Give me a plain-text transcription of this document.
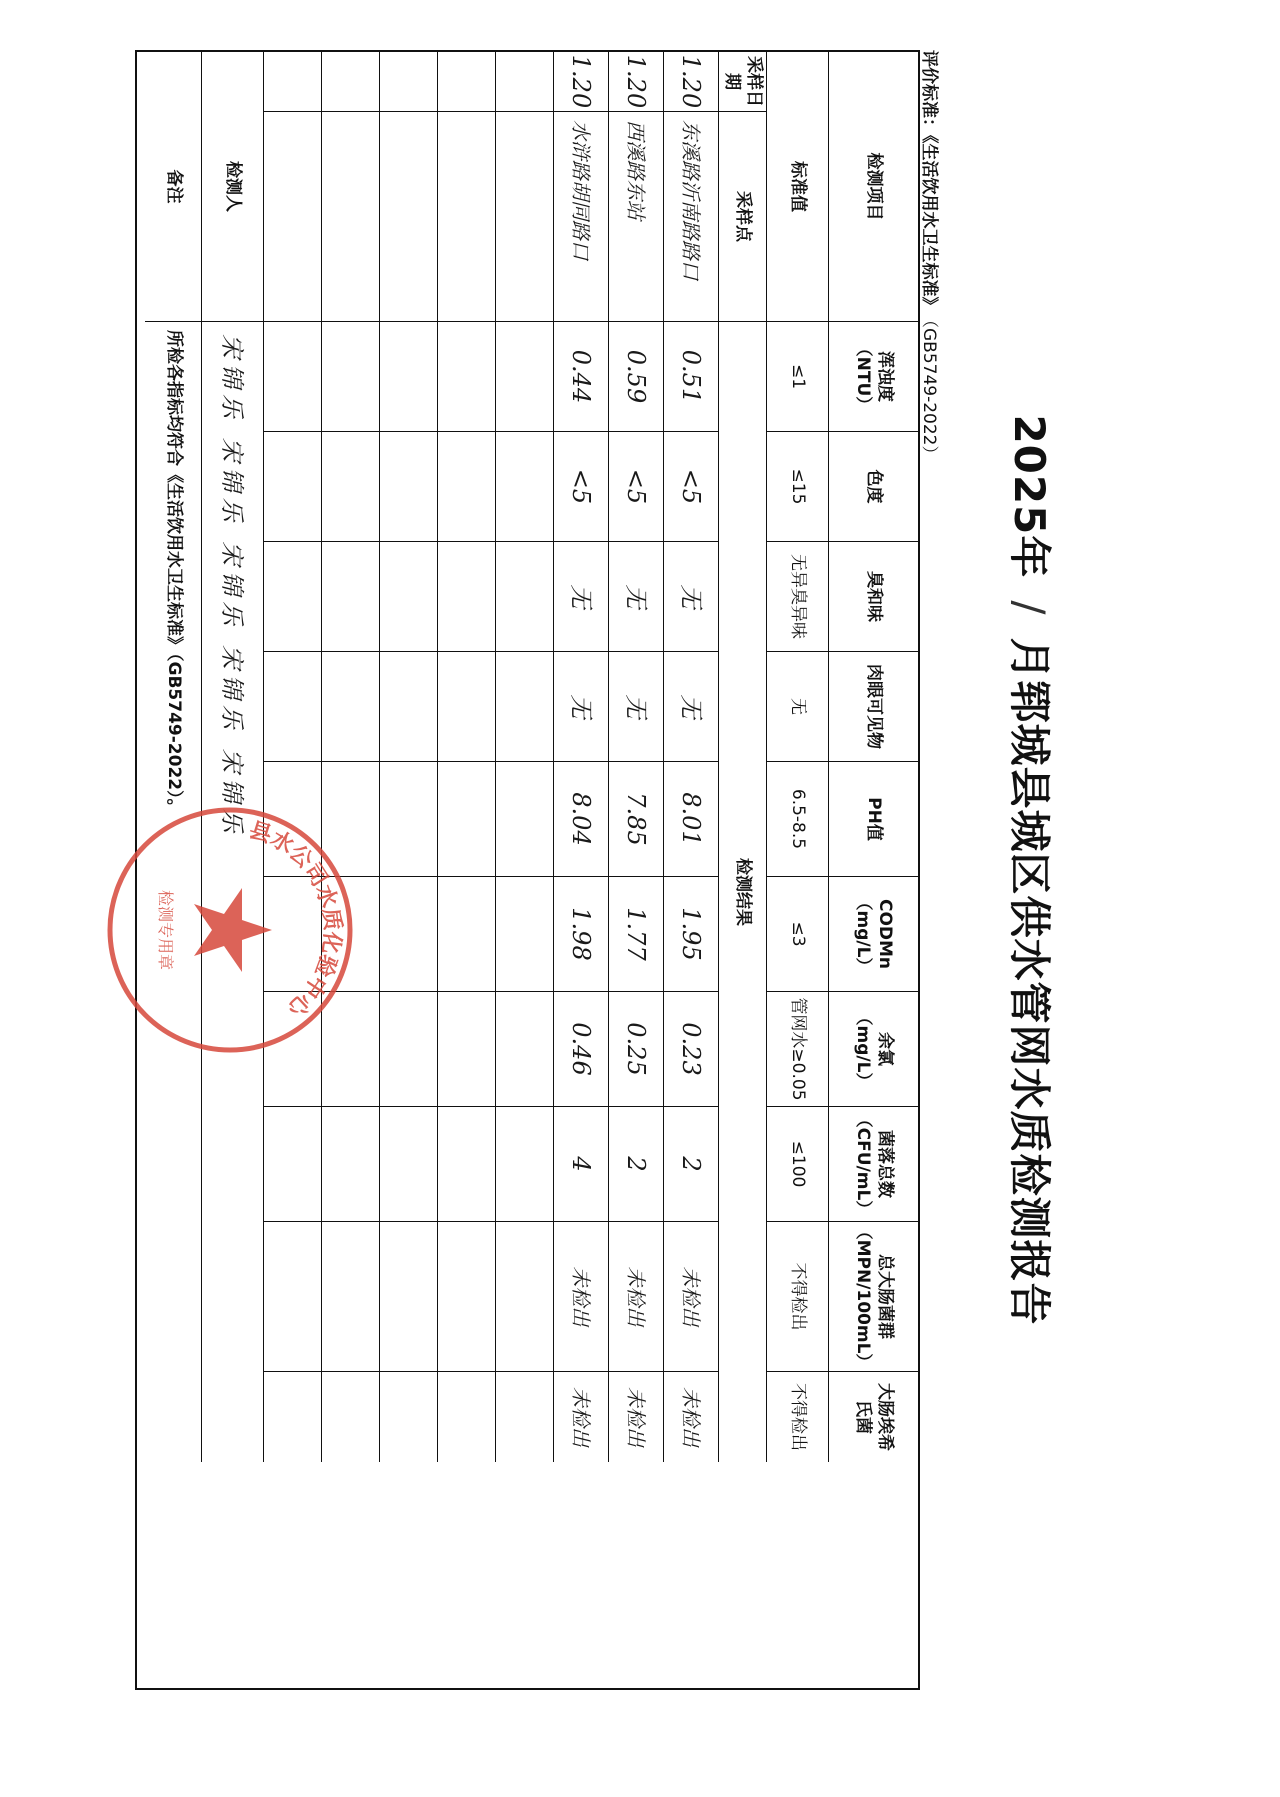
2025年/月郓城县城区供水管网水质检测报告
评价标准：《生活饮用水卫生标准》（GB5749-2022）
检测项目
浑浊度（NTU）
色度
臭和味
肉眼可见物
PH值
CODMn（mg/L）
余氯（mg/L）
菌落总数（CFU/mL）
总大肠菌群（MPN/100mL）
大肠埃希氏菌
标准值
≤1
≤15
无异臭异味
无
6.5-8.5
≤3
管网水≥0.05
≤100
不得检出
不得检出
采样日期
采样点
检测结果
1.20
东溪路沂南路路口
0.51
<5
无
无
8.01
1.95
0.23
2
未检出
未检出
1.20
西溪路东站
0.59
<5
无
无
7.85
1.77
0.25
2
未检出
未检出
1.20
水浒路胡同路口
0.44
<5
无
无
8.04
1.98
0.46
4
未检出
未检出
检测人
宋锦乐 宋锦乐 宋锦乐 宋锦乐 宋锦乐
备注
所检各指标均符合《生活饮用水卫生标准》（GB5749-2022）。
县水公司水质化验中心
检测专用章
